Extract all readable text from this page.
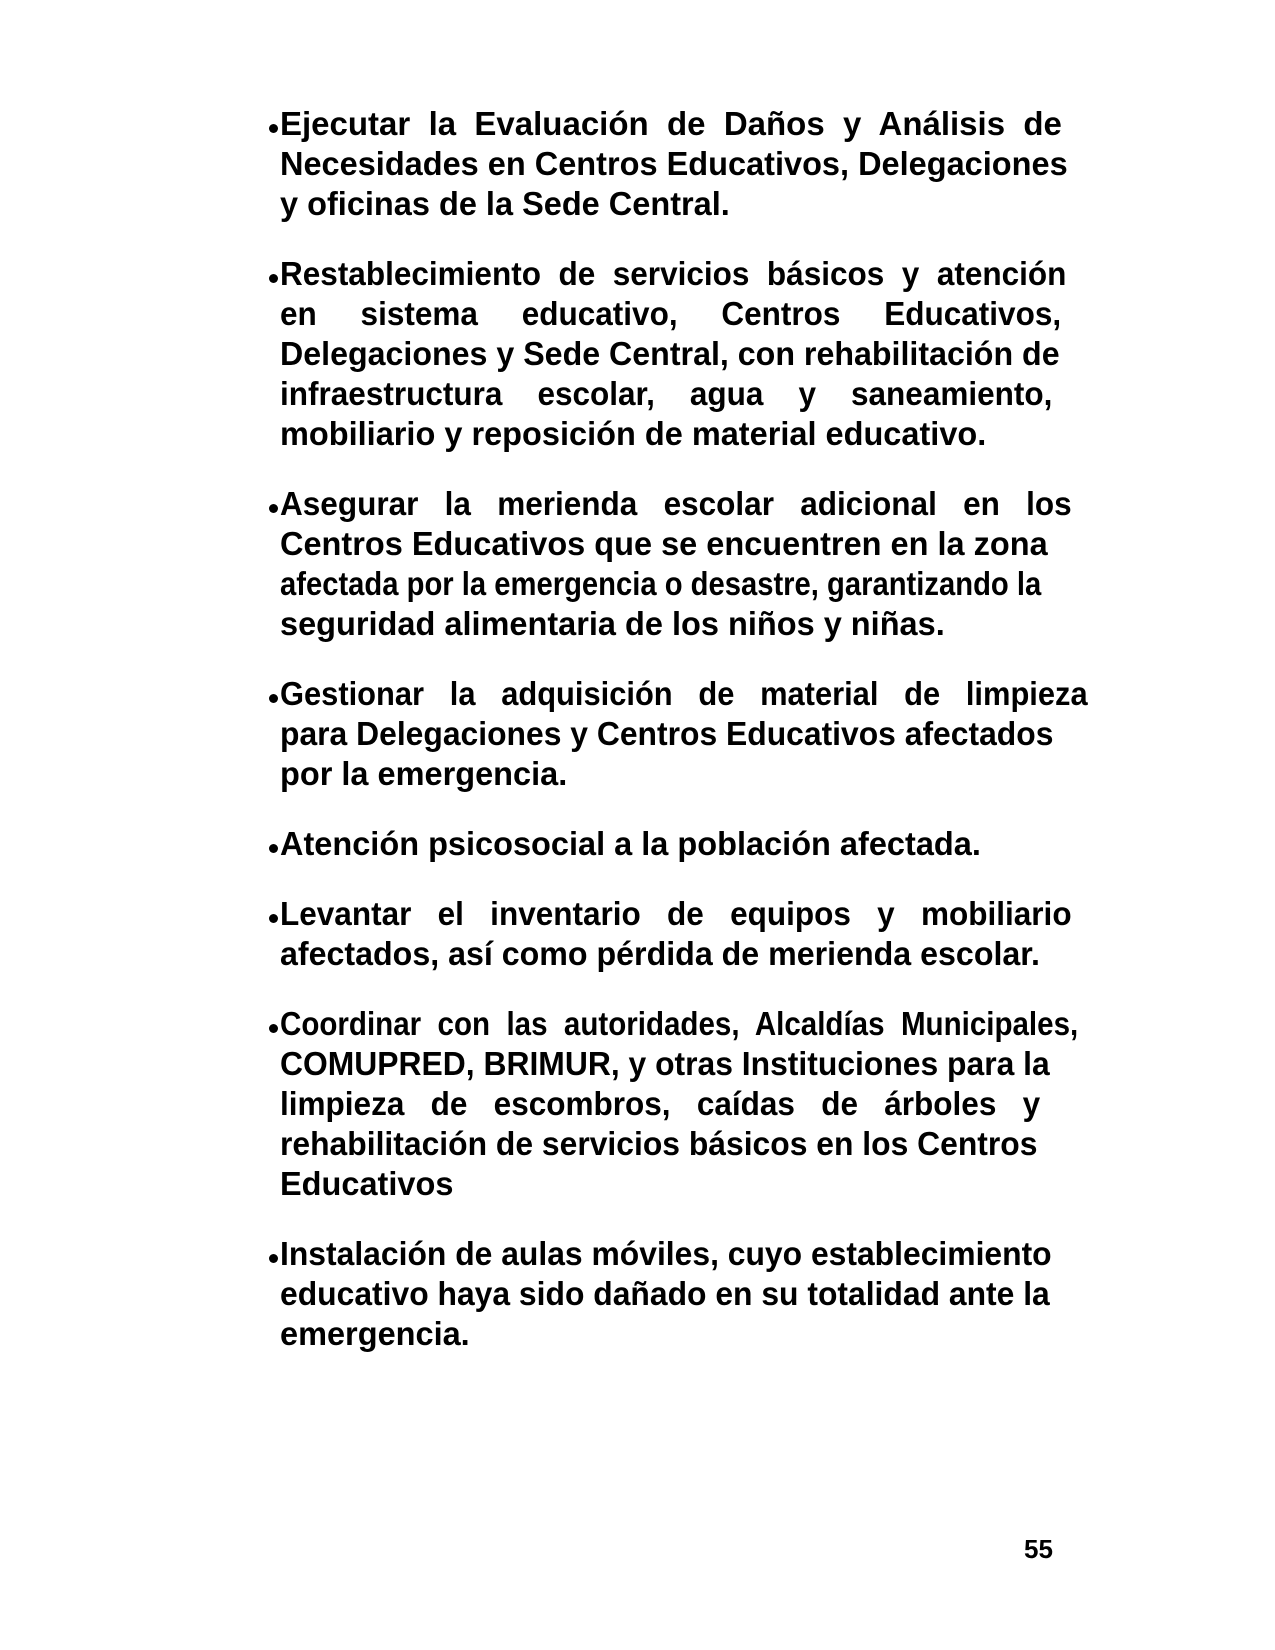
Ejecutar  la  Evaluación  de  Daños  y  Análisis  de
Necesidades en Centros Educativos, Delegaciones
y oficinas de la Sede Central.
Restablecimiento  de  servicios  básicos  y  atención
en     sistema     educativo,     Centros     Educativos,
Delegaciones y Sede Central, con rehabilitación de
infraestructura    escolar,    agua    y    saneamiento,
mobiliario y reposición de material educativo.
Asegurar   la   merienda   escolar   adicional   en   los
Centros Educativos que se encuentren en la zona
afectada por la emergencia o desastre, garantizando la
seguridad alimentaria de los niños y niñas.
Gestionar   la   adquisición   de   material   de   limpieza
para Delegaciones y Centros Educativos afectados
por la emergencia.
Atención psicosocial a la población afectada.
Levantar   el   inventario   de   equipos   y   mobiliario
afectados, así como pérdida de merienda escolar.
Coordinar  con  las  autoridades,  Alcaldías  Municipales,
COMUPRED, BRIMUR, y otras Instituciones para la
limpieza   de   escombros,   caídas   de   árboles   y
rehabilitación de servicios básicos en los Centros
Educativos
Instalación de aulas móviles, cuyo establecimiento
educativo haya sido dañado en su totalidad ante la
emergencia.
55
